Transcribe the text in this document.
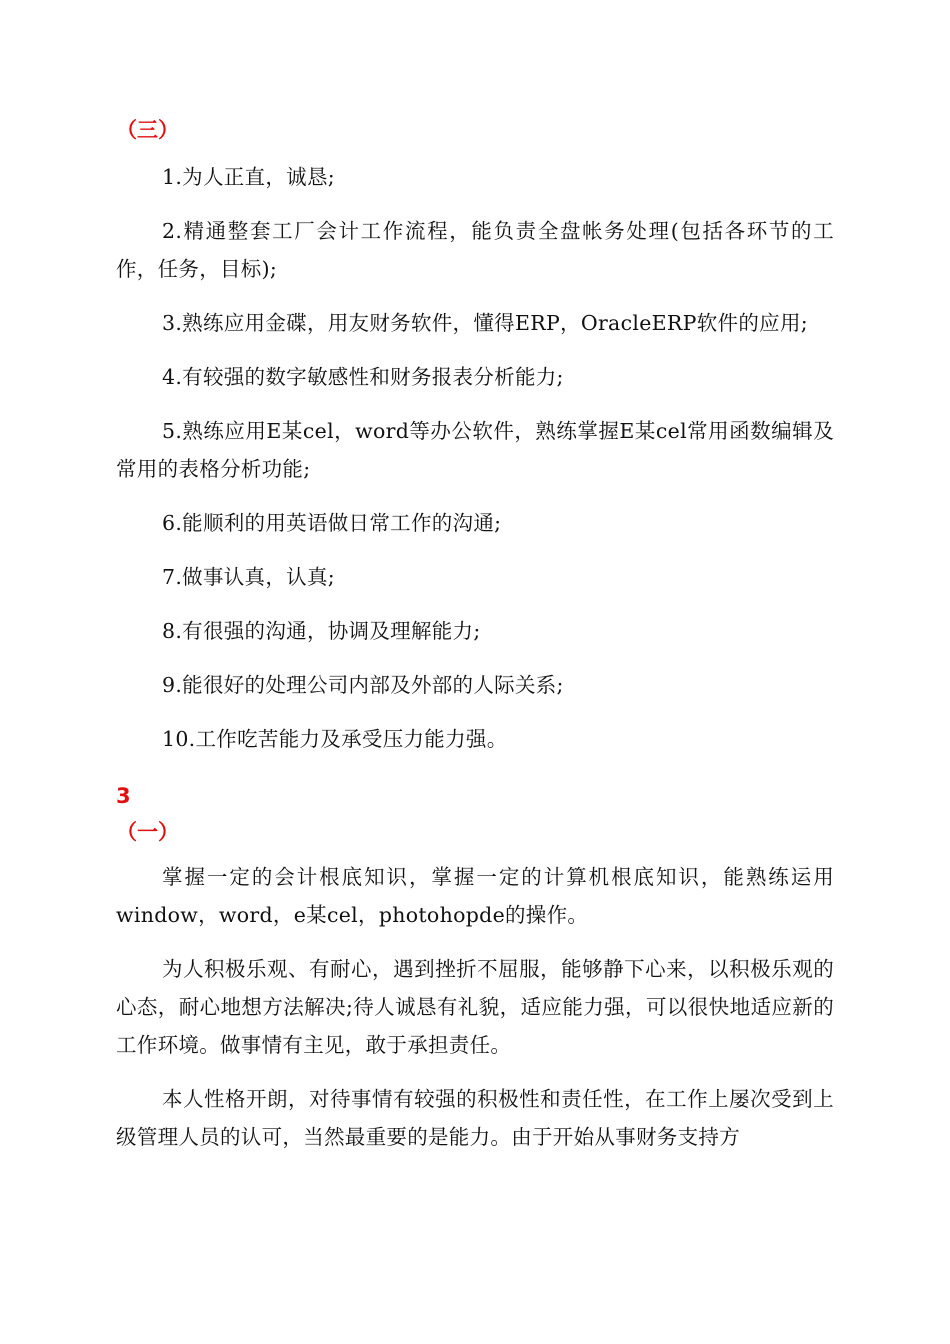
（三）

1.为人正直，诚恳;

2.精通整套工厂会计工作流程，能负责全盘帐务处理(包括各环节的工作，任务，目标);

3.熟练应用金碟，用友财务软件，懂得ERP，OracleERP软件的应用;

4.有较强的数字敏感性和财务报表分析能力;

5.熟练应用E某cel，word等办公软件，熟练掌握E某cel常用函数编辑及常用的表格分析功能;

6.能顺利的用英语做日常工作的沟通;

7.做事认真，认真;

8.有很强的沟通，协调及理解能力;

9.能很好的处理公司内部及外部的人际关系;

10.工作吃苦能力及承受压力能力强。

3

（一）

掌握一定的会计根底知识，掌握一定的计算机根底知识，能熟练运用window，word，e某cel，photohopde的操作。

为人积极乐观、有耐心，遇到挫折不屈服，能够静下心来，以积极乐观的心态，耐心地想方法解决;待人诚恳有礼貌，适应能力强，可以很快地适应新的工作环境。做事情有主见，敢于承担责任。

本人性格开朗，对待事情有较强的积极性和责任性，在工作上屡次受到上级管理人员的认可，当然最重要的是能力。由于开始从事财务支持方
